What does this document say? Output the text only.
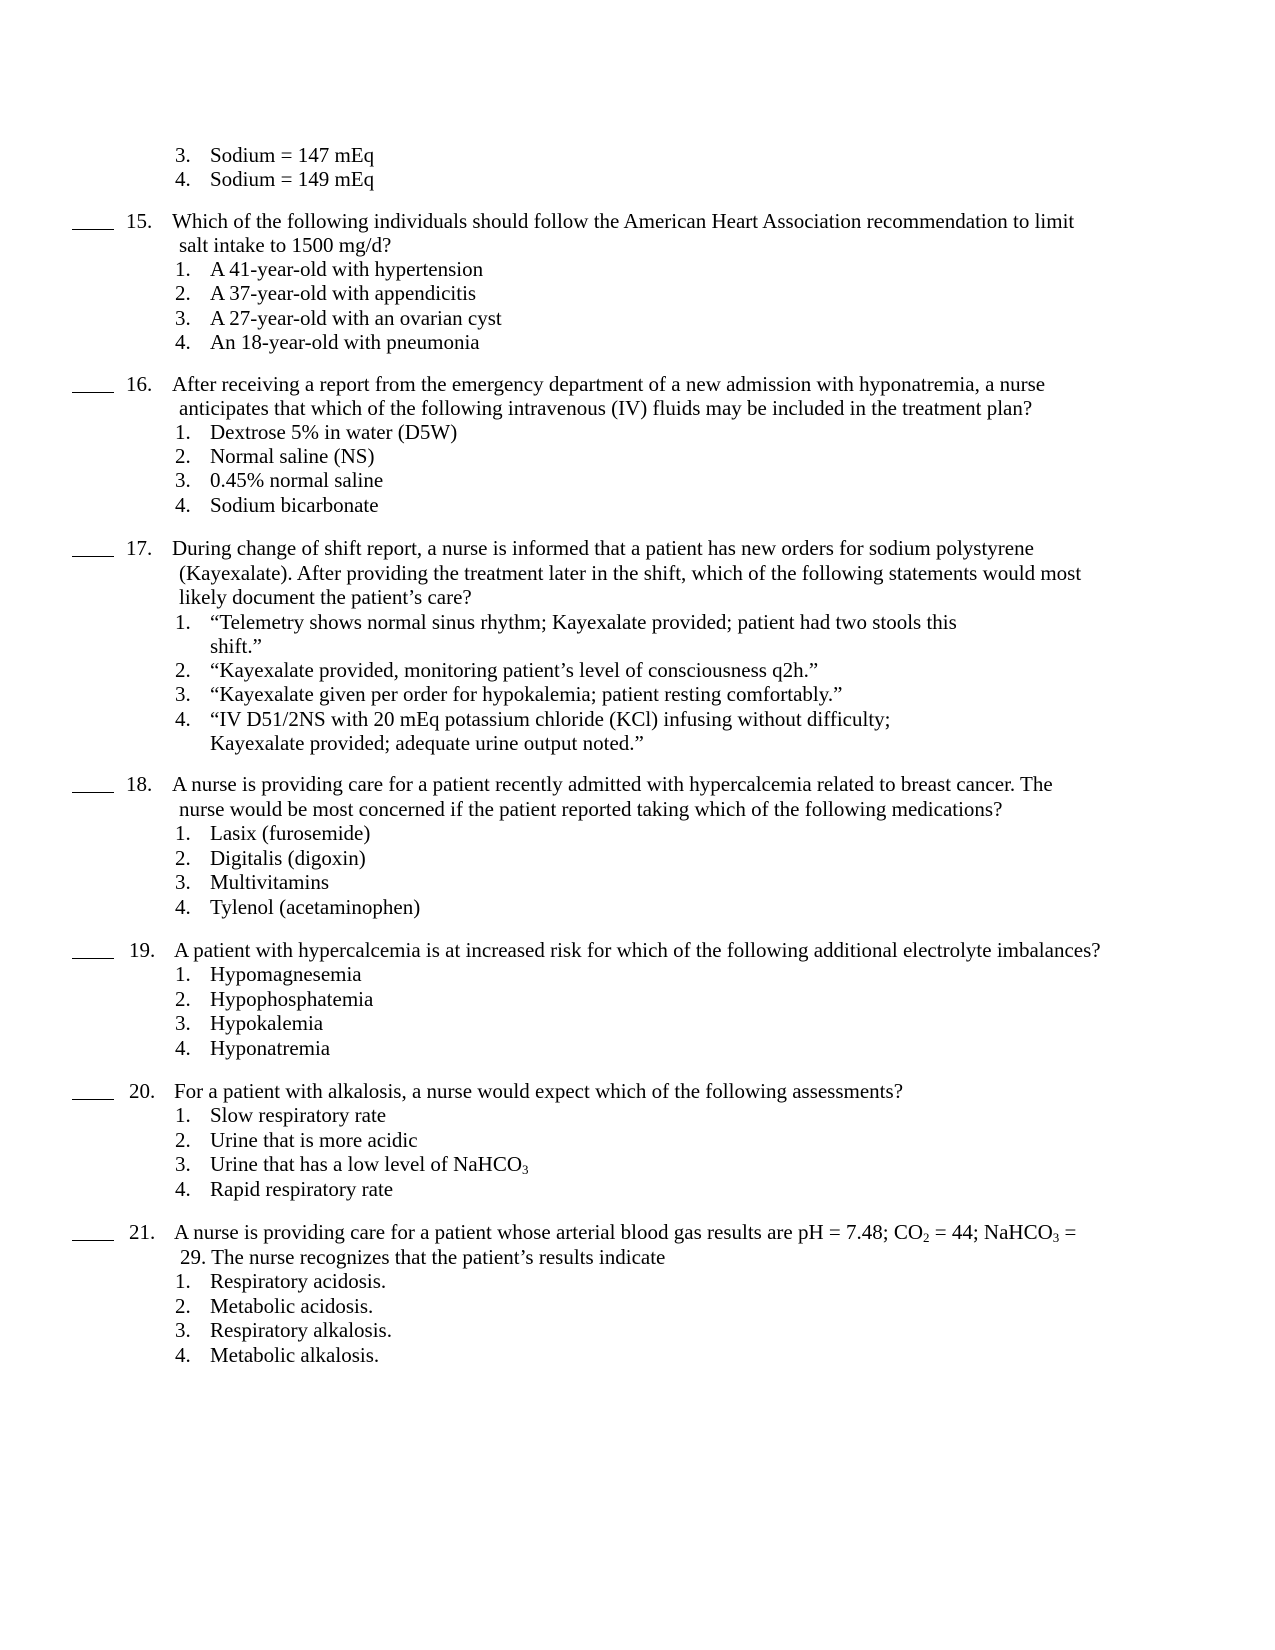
3. Sodium = 147 mEq
4. Sodium = 149 mEq
15. Which of the following individuals should follow the American Heart Association recommendation to limit
salt intake to 1500 mg/d?
1. A 41-year-old with hypertension
2. A 37-year-old with appendicitis
3. A 27-year-old with an ovarian cyst
4. An 18-year-old with pneumonia
16. After receiving a report from the emergency department of a new admission with hyponatremia, a nurse
anticipates that which of the following intravenous (IV) fluids may be included in the treatment plan?
1. Dextrose 5% in water (D5W)
2. Normal saline (NS)
3. 0.45% normal saline
4. Sodium bicarbonate
17. During change of shift report, a nurse is informed that a patient has new orders for sodium polystyrene
(Kayexalate). After providing the treatment later in the shift, which of the following statements would most
likely document the patient’s care?
1. “Telemetry shows normal sinus rhythm; Kayexalate provided; patient had two stools this
shift.”
2. “Kayexalate provided, monitoring patient’s level of consciousness q2h.”
3. “Kayexalate given per order for hypokalemia; patient resting comfortably.”
4. “IV D51/2NS with 20 mEq potassium chloride (KCl) infusing without difficulty;
Kayexalate provided; adequate urine output noted.”
18. A nurse is providing care for a patient recently admitted with hypercalcemia related to breast cancer. The
nurse would be most concerned if the patient reported taking which of the following medications?
1. Lasix (furosemide)
2. Digitalis (digoxin)
3. Multivitamins
4. Tylenol (acetaminophen)
19. A patient with hypercalcemia is at increased risk for which of the following additional electrolyte imbalances?
1. Hypomagnesemia
2. Hypophosphatemia
3. Hypokalemia
4. Hyponatremia
20. For a patient with alkalosis, a nurse would expect which of the following assessments?
1. Slow respiratory rate
2. Urine that is more acidic
3. Urine that has a low level of NaHCO$_3$
4. Rapid respiratory rate
21. A nurse is providing care for a patient whose arterial blood gas results are pH = 7.48; $CO_2 = 44$; NaHCO$_3$ =
29. The nurse recognizes that the patient’s results indicate
1. Respiratory acidosis.
2. Metabolic acidosis.
3. Respiratory alkalosis.
4. Metabolic alkalosis.
